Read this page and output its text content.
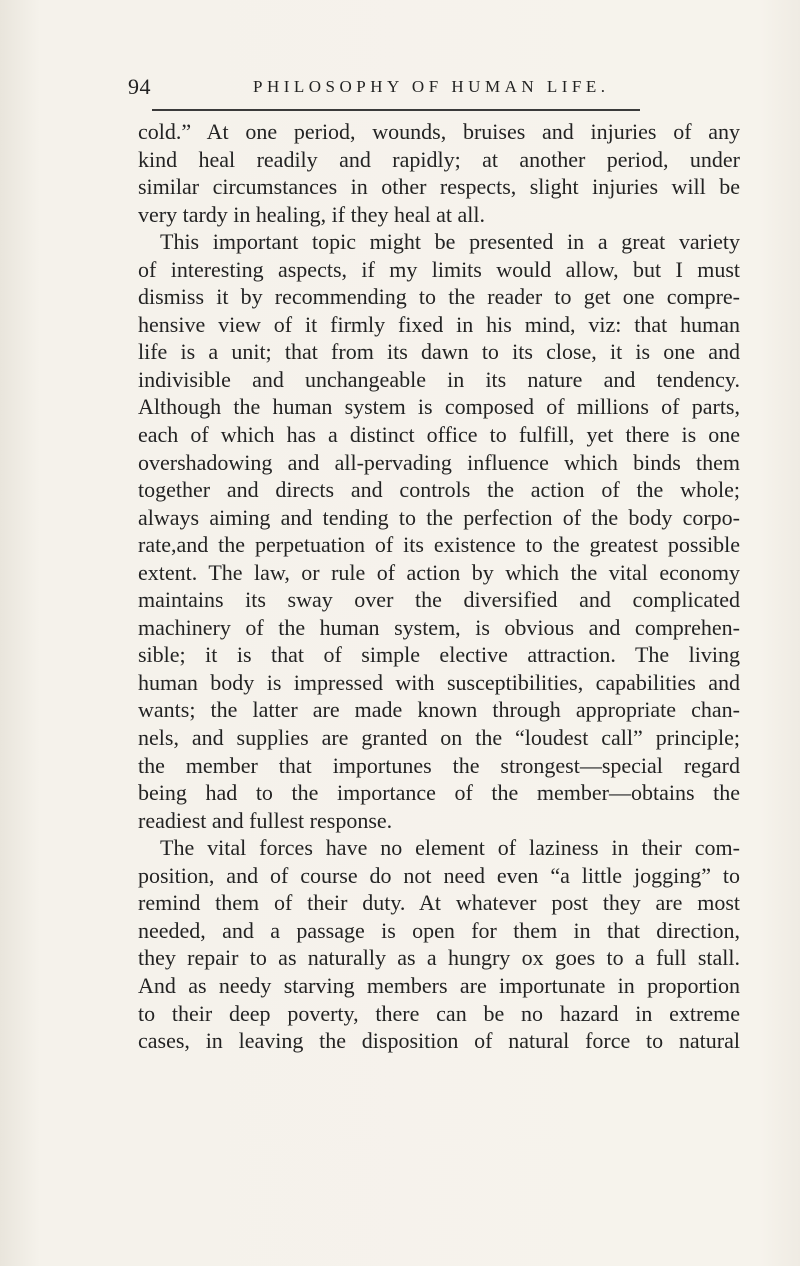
94	PHILOSOPHY OF HUMAN LIFE.
cold.” At one period, wounds, bruises and injuries of any
kind heal readily and rapidly; at another period, under
similar circumstances in other respects, slight injuries will be
very tardy in healing, if they heal at all.
This important topic might be presented in a great variety
of interesting aspects, if my limits would allow, but I must
dismiss it by recommending to the reader to get one compre-
hensive view of it firmly fixed in his mind, viz: that human
life is a unit; that from its dawn to its close, it is one and
indivisible and unchangeable in its nature and tendency.
Although the human system is composed of millions of parts,
each of which has a distinct office to fulfill, yet there is one
overshadowing and all-pervading influence which binds them
together and directs and controls the action of the whole;
always aiming and tending to the perfection of the body corpo-
rate,and the perpetuation of its existence to the greatest possible
extent. The law, or rule of action by which the vital economy
maintains its sway over the diversified and complicated
machinery of the human system, is obvious and comprehen-
sible; it is that of simple elective attraction. The living
human body is impressed with susceptibilities, capabilities and
wants; the latter are made known through appropriate chan-
nels, and supplies are granted on the “loudest call” principle;
the member that importunes the strongest—special regard
being had to the importance of the member—obtains the
readiest and fullest response.
The vital forces have no element of laziness in their com-
position, and of course do not need even “a little jogging” to
remind them of their duty. At whatever post they are most
needed, and a passage is open for them in that direction,
they repair to as naturally as a hungry ox goes to a full stall.
And as needy starving members are importunate in proportion
to their deep poverty, there can be no hazard in extreme
cases, in leaving the disposition of natural force to natural
